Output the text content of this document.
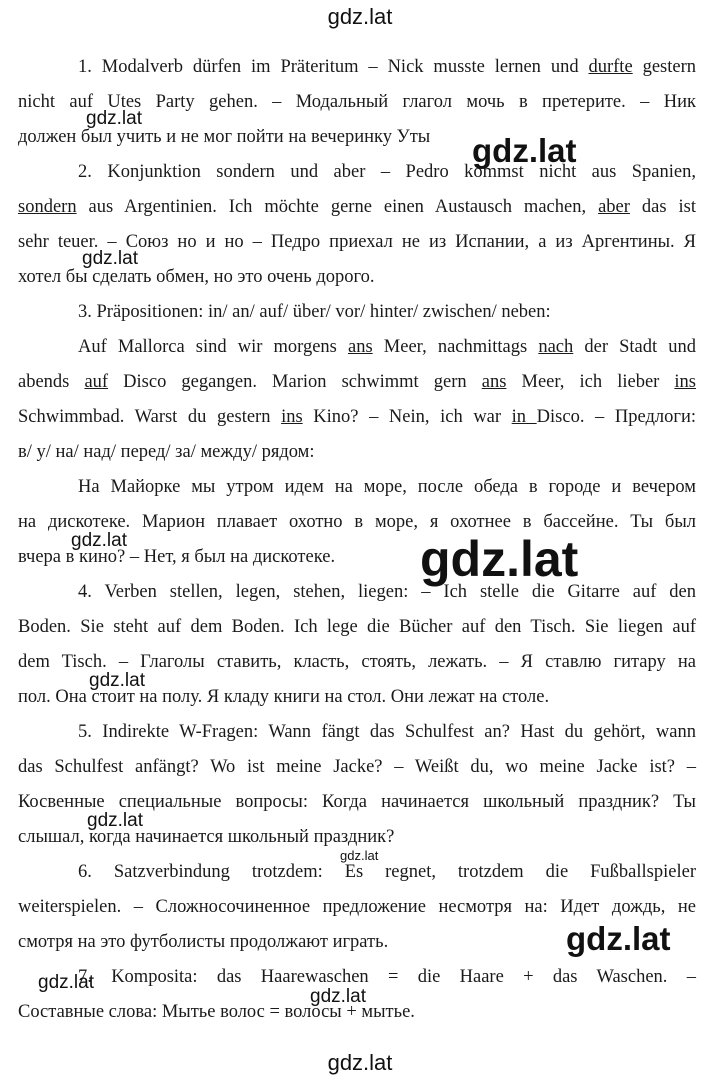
gdz.lat
1. Modalverb dürfen im Präteritum – Nick musste lernen und durfte gestern
nicht auf Utes Party gehen. – Модальный глагол мочь в претерите. – Ник
должен был учить и не мог пойти на вечеринку Уты
2. Konjunktion sondern und aber – Pedro kommst nicht aus Spanien,
sondern aus Argentinien. Ich möchte gerne einen Austausch machen, aber das ist
sehr teuer. – Союз но и но – Педро приехал не из Испании, а из Аргентины. Я
хотел бы сделать обмен, но это очень дорого.
3. Präpositionen: in/ an/ auf/ über/ vor/ hinter/ zwischen/ neben:
Auf Mallorca sind wir morgens ans Meer, nachmittags nach der Stadt und
abends auf Disco gegangen. Marion schwimmt gern ans Meer, ich lieber ins
Schwimmbad. Warst du gestern ins Kino? – Nein, ich war in Disco. – Предлоги:
в/ у/ на/ над/ перед/ за/ между/ рядом:
На Майорке мы утром идем на море, после обеда в городе и вечером
на дискотеке. Марион плавает охотно в море, я охотнее в бассейне. Ты был
вчера в кино? – Нет, я был на дискотеке.
4. Verben stellen, legen, stehen, liegen: – Ich stelle die Gitarre auf den
Boden. Sie steht auf dem Boden. Ich lege die Bücher auf den Tisch. Sie liegen auf
dem Tisch. – Глаголы ставить, класть, стоять, лежать. – Я ставлю гитару на
пол. Она стоит на полу. Я кладу книги на стол. Они лежат на столе.
5. Indirekte W-Fragen: Wann fängt das Schulfest an? Hast du gehört, wann
das Schulfest anfängt? Wo ist meine Jacke? – Weißt du, wo meine Jacke ist? –
Косвенные специальные вопросы: Когда начинается школьный праздник? Ты
слышал, когда начинается школьный праздник?
6. Satzverbindung trotzdem: Es regnet, trotzdem die Fußballspieler
weiterspielen. – Сложносочиненное предложение несмотря на: Идет дождь, не
смотря на это футболисты продолжают играть.
7. Komposita: das Haarewaschen = die Haare + das Waschen. –
Составные слова: Мытье волос = волосы + мытье.
gdz.lat
gdz.lat
gdz.lat
gdz.lat	gdz.lat
gdz.lat
gdz.lat
gdz.lat
gdz.lat
gdz.lat
gdz.lat
gdz.lat
